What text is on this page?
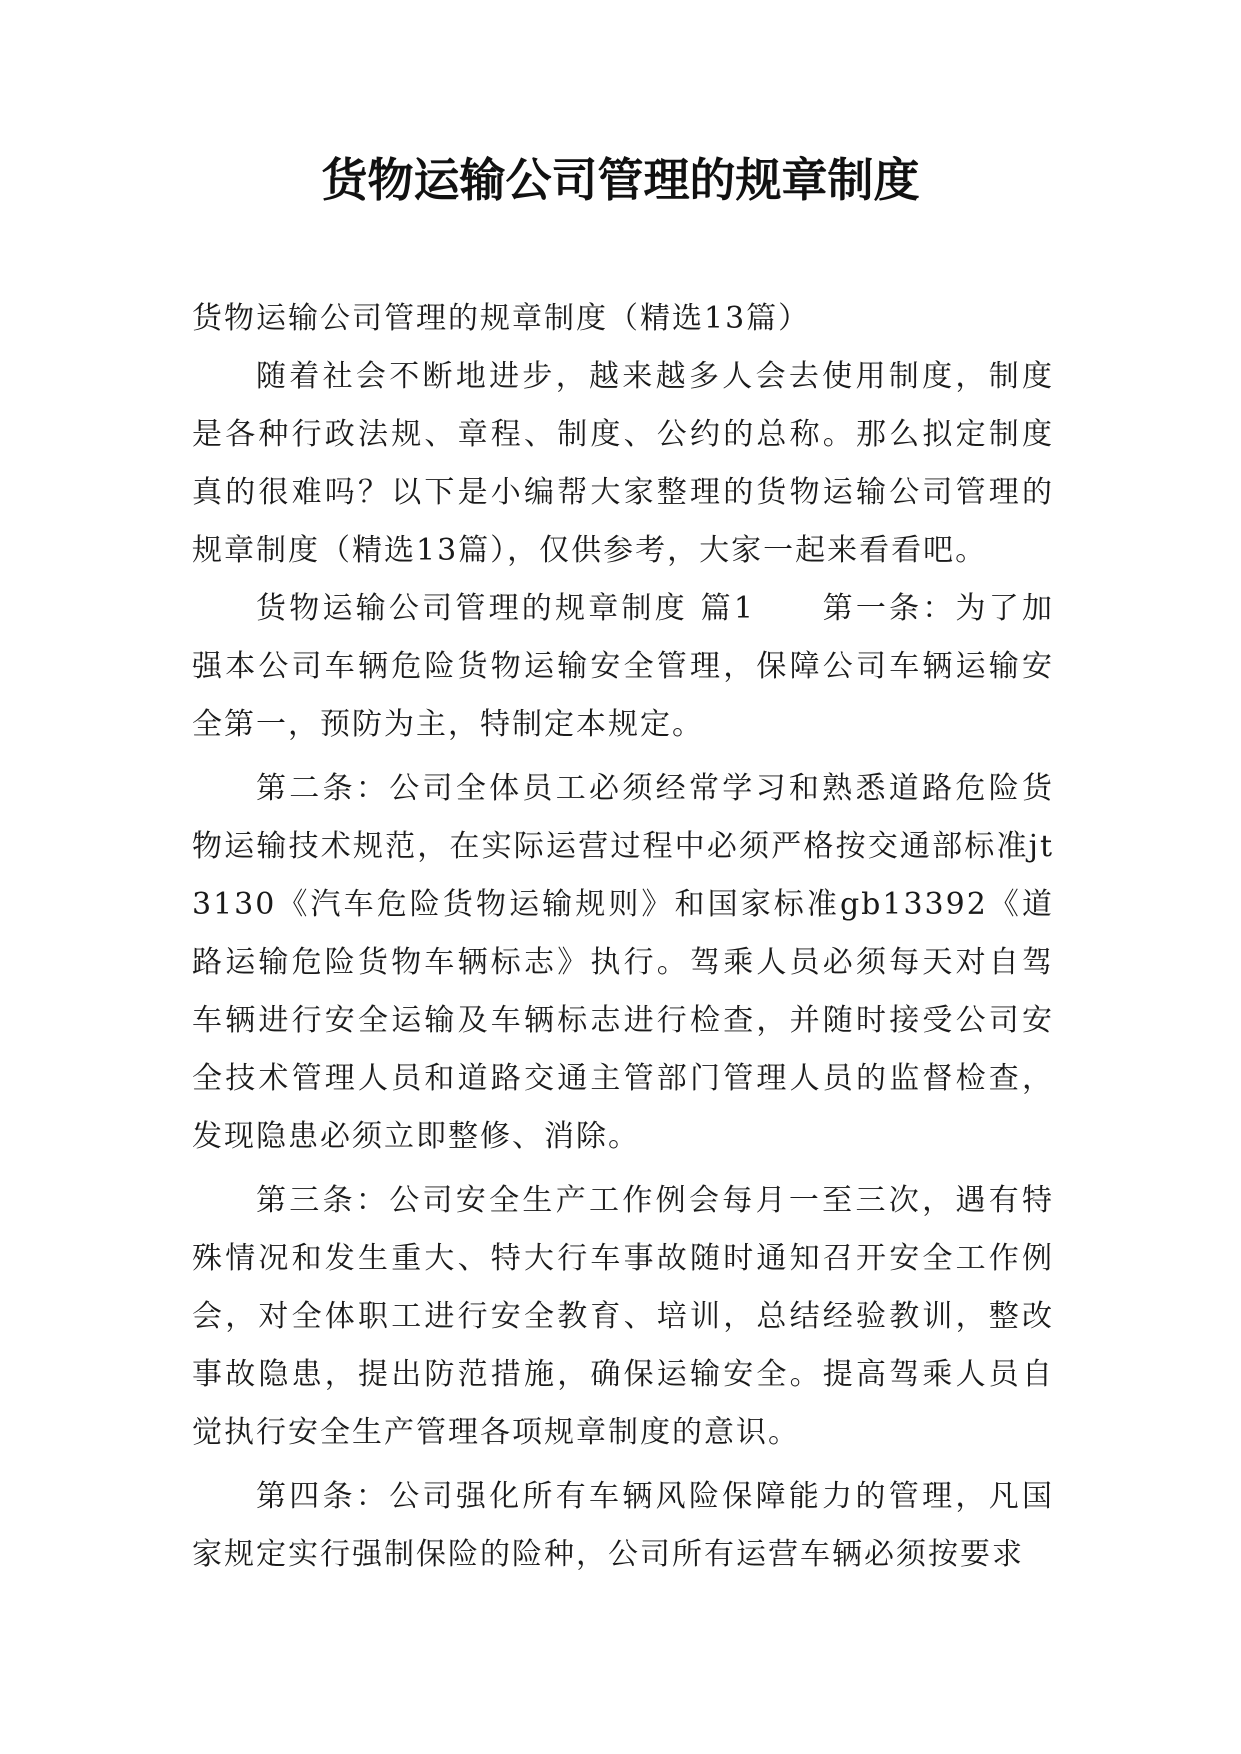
货物运输公司管理的规章制度

货物运输公司管理的规章制度（精选13篇）

随着社会不断地进步，越来越多人会去使用制度，制度是各种行政法规、章程、制度、公约的总称。那么拟定制度真的很难吗？以下是小编帮大家整理的货物运输公司管理的规章制度（精选13篇），仅供参考，大家一起来看看吧。

货物运输公司管理的规章制度 篇1　　第一条：为了加强本公司车辆危险货物运输安全管理，保障公司车辆运输安全第一，预防为主，特制定本规定。

第二条：公司全体员工必须经常学习和熟悉道路危险货物运输技术规范，在实际运营过程中必须严格按交通部标准jt3130《汽车危险货物运输规则》和国家标准gb13392《道路运输危险货物车辆标志》执行。驾乘人员必须每天对自驾车辆进行安全运输及车辆标志进行检查，并随时接受公司安全技术管理人员和道路交通主管部门管理人员的监督检查，发现隐患必须立即整修、消除。

第三条：公司安全生产工作例会每月一至三次，遇有特殊情况和发生重大、特大行车事故随时通知召开安全工作例会，对全体职工进行安全教育、培训，总结经验教训，整改事故隐患，提出防范措施，确保运输安全。提高驾乘人员自觉执行安全生产管理各项规章制度的意识。

第四条：公司强化所有车辆风险保障能力的管理，凡国家规定实行强制保险的险种，公司所有运营车辆必须按要求
